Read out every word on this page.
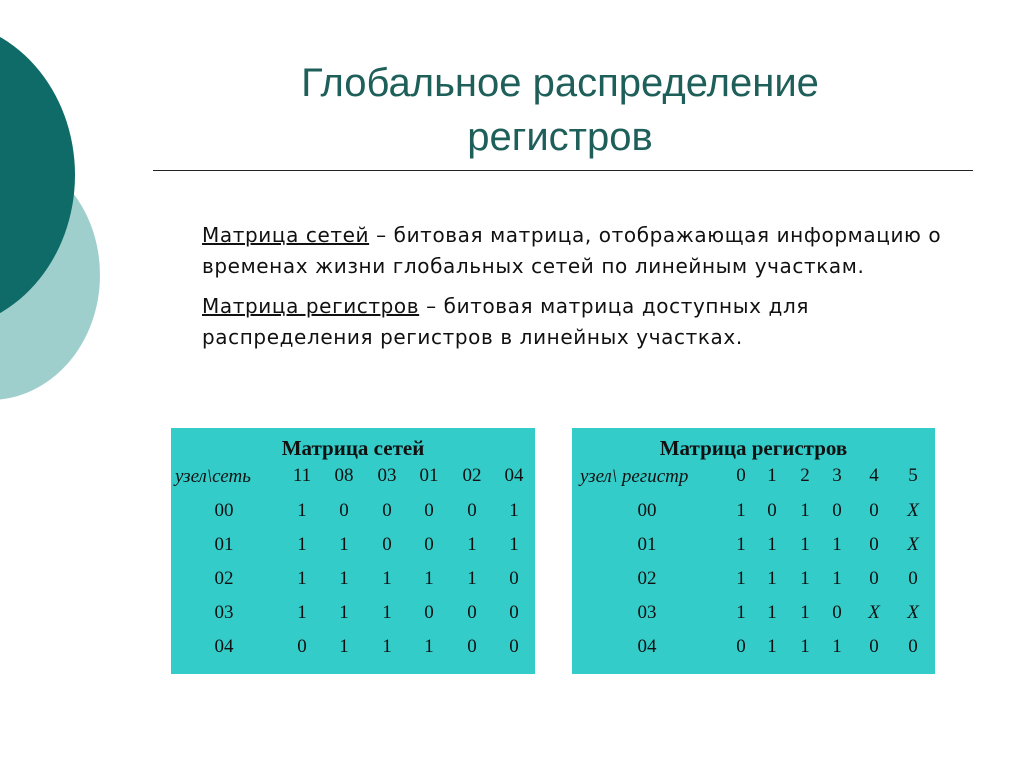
Глобальное распределение
регистров

Матрица сетей – битовая матрица, отображающая информацию о временах жизни глобальных сетей по линейным участкам.

Матрица регистров – битовая матрица доступных для распределения регистров в линейных участках.

Матрица сетей
узел\сеть 11 08 03 01 02 04
00	1 0 0 0 0 1
01	1 1 0 0 1 1
02	1 1 1 1 1 0
03	1 1 1 0 0 0
04	0 1 1 1 0 0
Матрица регистров
узел\ регистр	0 1 2 3 4 5
00	1 0 1 0 0 X
01	1 1 1 1 0 X
02	1 1 1 1 0 0
03	1 1 1 0 X X
04	0 1 1 1 0 0
